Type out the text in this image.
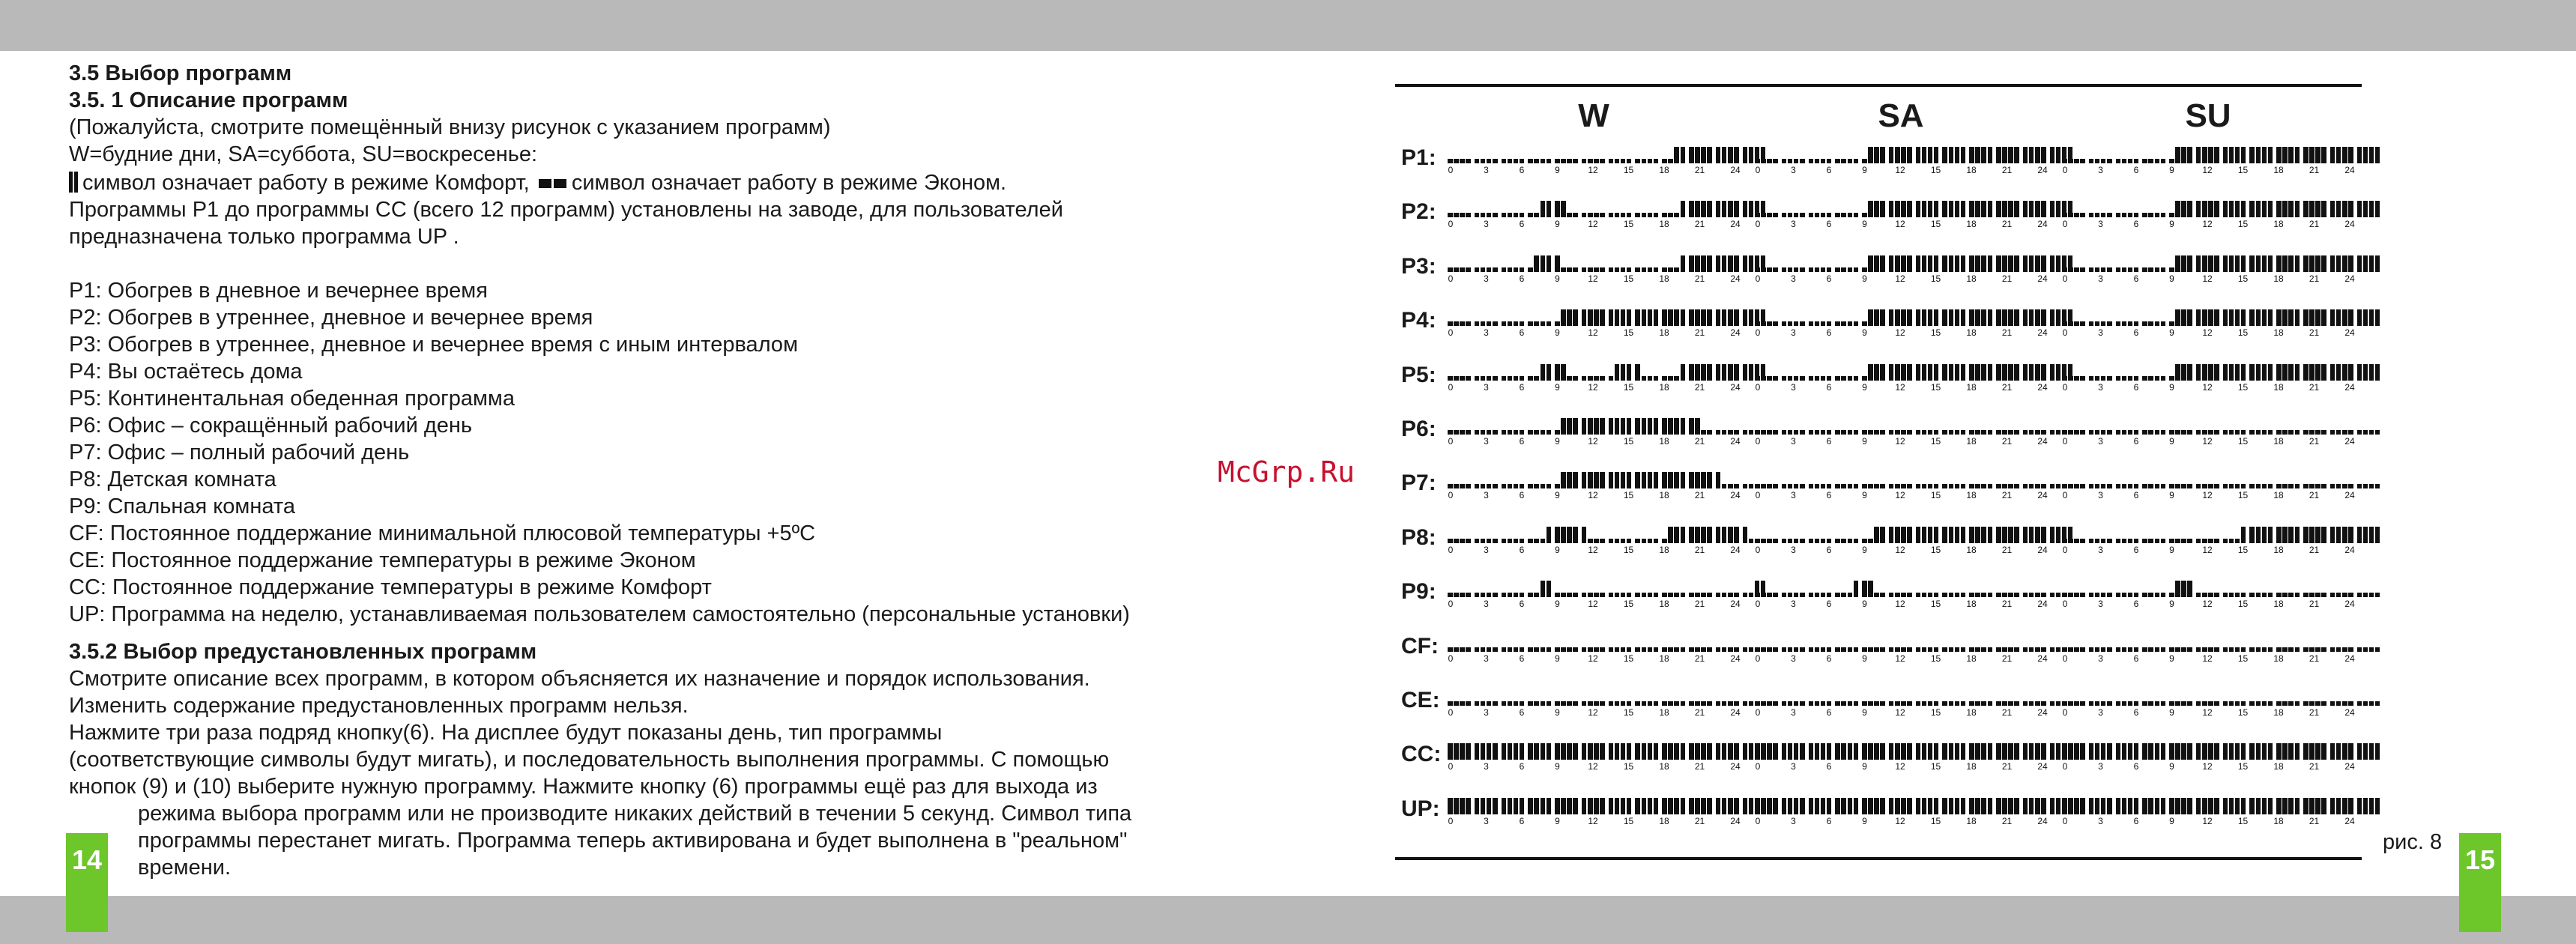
3.5 Выбор программ
3.5. 1 Описание программ
(Пожалуйста, смотрите помещённый внизу рисунок с указанием программ)
W=будние дни, SA=суббота, SU=воскресенье:
символ означает работу в режиме Комфорт, символ означает работу в режиме Эконом.
Программы P1 до программы CC (всего 12 программ) установлены на заводе, для пользователей
предназначена только программа UP .
P1: Обогрев в дневное и вечернее время
P2: Обогрев в утреннее, дневное и вечернее время
P3: Обогрев в утреннее, дневное и вечернее время с иным интервалом
P4: Вы остаётесь дома
P5: Континентальная обеденная программа
P6: Офис – сокращённый рабочий день
P7: Офис – полный рабочий день
P8: Детская комната
P9: Спальная комната
CF: Постоянное поддержание минимальной плюсовой температуры +5ºC
CE: Постоянное поддержание температуры в режиме Эконом
CC: Постоянное поддержание температуры в режиме Комфорт
UP: Программа на неделю, устанавливаемая пользователем самостоятельно (персональные установки)
3.5.2 Выбор предустановленных программ
Смотрите описание всех программ, в котором объясняется их назначение и порядок использования.
Изменить содержание предустановленных программ нельзя.
Нажмите три раза подряд кнопку(6). На дисплее будут показаны день, тип программы
(соответствующие символы будут мигать), и последовательность выполнения программы. С помощью
кнопок (9) и (10) выберите нужную программу. Нажмите кнопку (6) программы ещё раз для выхода из
режима выбора программ или не производите никаких действий в течении 5 секунд. Символ типа
программы перестанет мигать. Программа теперь активирована и будет выполнена в "реальном"
времени.
14	15
McGrp.Ru
W	SA	SU
P1: 0	3	6	9	12	15	18	21	24 0	3	6	9	12	15	18	21	24 0	3	6	9	12	15	18	21	24
P2: 0	3	6	9	12	15	18	21	24 0	3	6	9	12	15	18	21	24 0	3	6	9	12	15	18	21	24
P3: 0	3	6	9	12	15	18	21	24 0	3	6	9	12	15	18	21	24 0	3	6	9	12	15	18	21	24
P4: 0	3	6	9	12	15	18	21	24 0	3	6	9	12	15	18	21	24 0	3	6	9	12	15	18	21	24
P5: 0	3	6	9	12	15	18	21	24 0	3	6	9	12	15	18	21	24 0	3	6	9	12	15	18	21	24
P6: 0	3	6	9	12	15	18	21	24 0	3	6	9	12	15	18	21	24 0	3	6	9	12	15	18	21	24
P7: 0	3	6	9	12	15	18	21	24 0	3	6	9	12	15	18	21	24 0	3	6	9	12	15	18	21	24
P8: 0	3	6	9	12	15	18	21	24 0	3	6	9	12	15	18	21	24 0	3	6	9	12	15	18	21	24
P9: 0	3	6	9	12	15	18	21	24 0	3	6	9	12	15	18	21	24 0	3	6	9	12	15	18	21	24
CF: 0	3	6	9	12	15	18	21	24 0	3	6	9	12	15	18	21	24 0	3	6	9	12	15	18	21	24
CE: 0	3	6	9	12	15	18	21	24 0	3	6	9	12	15	18	21	24 0	3	6	9	12	15	18	21	24
CC: 0	3	6	9	12	15	18	21	24 0	3	6	9	12	15	18	21	24 0	3	6	9	12	15	18	21	24
UP: 0	3	6	9	12	15	18	21	24 0	3	6	9	12	15	18	21	24 0	3	6	9	12	15	18	21	24
рис. 8
